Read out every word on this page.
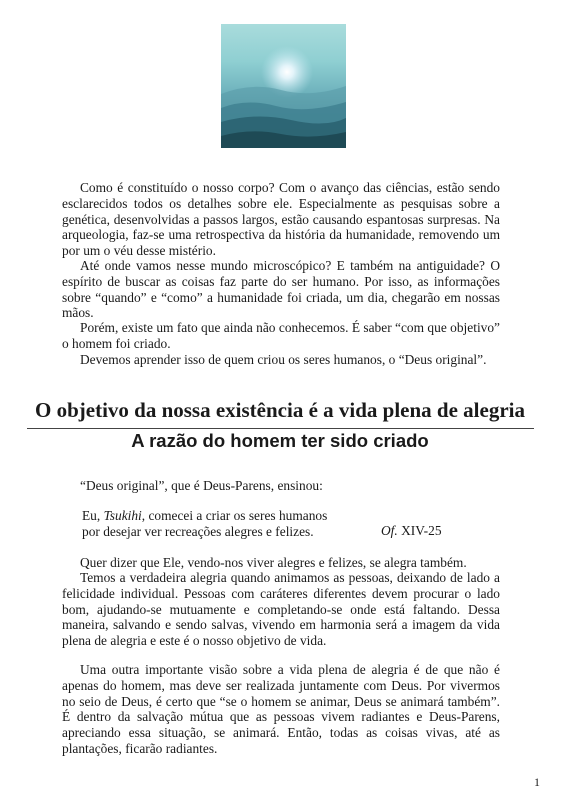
Como é constituído o nosso corpo? Com o avanço das ciências, estão sendo esclarecidos todos os detalhes sobre ele. Especialmente as pesquisas sobre a genética, desenvolvidas a passos largos, estão causando espantosas surpresas. Na arqueologia, faz-se uma retrospectiva da história da humanidade, removendo um por um o véu desse mistério.

Até onde vamos nesse mundo microscópico? E também na antiguidade? O espírito de buscar as coisas faz parte do ser humano. Por isso, as informações sobre “quando” e “como” a humanidade foi criada, um dia, chegarão em nossas mãos.

Porém, existe um fato que ainda não conhecemos. É saber “com que objetivo” o homem foi criado.

Devemos aprender isso de quem criou os seres humanos, o “Deus original”.

O objetivo da nossa existência é a vida plena de alegria
A razão do homem ter sido criado

“Deus original”, que é Deus-Parens, ensinou:

Eu, Tsukihi, comecei a criar os seres humanos

por desejar ver recreações alegres e felizes.	Of. XIV-25

Quer dizer que Ele, vendo-nos viver alegres e felizes, se alegra também.

Temos a verdadeira alegria quando animamos as pessoas, deixando de lado a felicidade individual. Pessoas com caráteres diferentes devem procurar o lado bom, ajudando-se mutuamente e completando-se onde está faltando. Dessa maneira, salvando e sendo salvas, vivendo em harmonia será a imagem da vida plena de alegria e este é o nosso objetivo de vida.

Uma outra importante visão sobre a vida plena de alegria é de que não é apenas do homem, mas deve ser realizada juntamente com Deus. Por vivermos no seio de Deus, é certo que “se o homem se animar, Deus se animará também”. É dentro da salvação mútua que as pessoas vivem radiantes e Deus-Parens, apreciando essa situação, se animará. Então, todas as coisas vivas, até as plantações, ficarão radiantes.

1
